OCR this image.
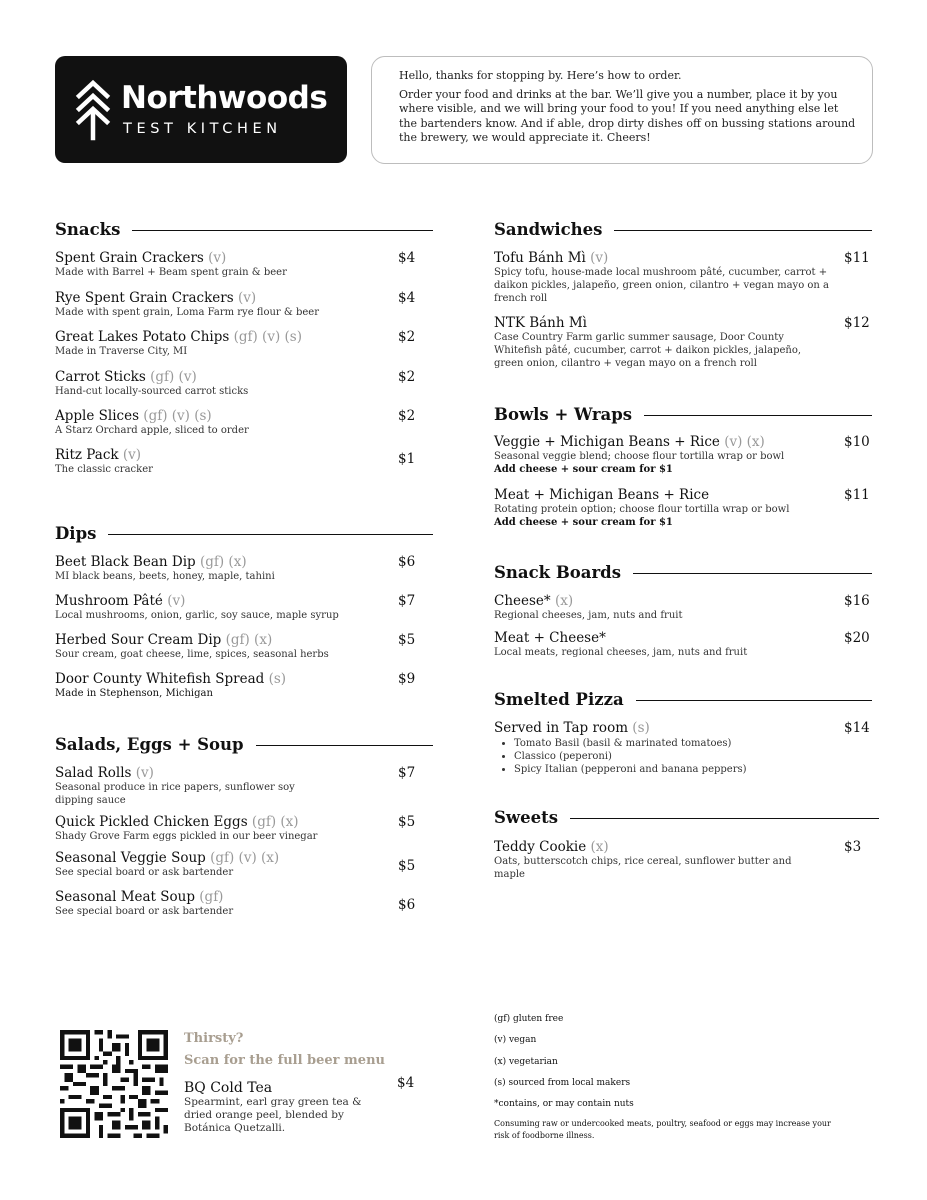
Northwoods
TEST KITCHEN
Hello, thanks for stopping by. Here’s how to order.
Order your food and drinks at the bar. We’ll give you a number, place it by you where visible, and we will bring your food to you! If you need anything else let the bartenders know. And if able, drop dirty dishes off on bussing stations around the brewery, we would appreciate it. Cheers!
Snacks
Spent Grain Crackers (v)	$4
Made with Barrel + Beam spent grain & beer
Rye Spent Grain Crackers (v)	$4
Made with spent grain, Loma Farm rye flour & beer
Great Lakes Potato Chips (gf) (v) (s)	$2
Made in Traverse City, MI
Carrot Sticks (gf) (v)	$2
Hand-cut locally-sourced carrot sticks
Apple Slices (gf) (v) (s)	$2
A Starz Orchard apple, sliced to order
Ritz Pack (v)	$1
The classic cracker
Dips
Beet Black Bean Dip (gf) (x)	$6
MI black beans, beets, honey, maple, tahini
Mushroom Pâté (v)	$7
Local mushrooms, onion, garlic, soy sauce, maple syrup
Herbed Sour Cream Dip (gf) (x)	$5
Sour cream, goat cheese, lime, spices, seasonal herbs
Door County Whitefish Spread (s)	$9
Made in Stephenson, Michigan
Salads, Eggs + Soup
Salad Rolls (v)	$7
Seasonal produce in rice papers, sunflower soy dipping sauce
Quick Pickled Chicken Eggs (gf) (x)	$5
Shady Grove Farm eggs pickled in our beer vinegar
Seasonal Veggie Soup (gf) (v) (x)	$5
See special board or ask bartender
Seasonal Meat Soup (gf)	$6
See special board or ask bartender
Sandwiches
Tofu Bánh Mì (v)	$11
Spicy tofu, house-made local mushroom pâté, cucumber, carrot + daikon pickles, jalapeño, green onion, cilantro + vegan mayo on a french roll
NTK Bánh Mì	$12
Case Country Farm garlic summer sausage, Door County Whitefish pâté, cucumber, carrot + daikon pickles, jalapeño, green onion, cilantro + vegan mayo on a french roll
Bowls + Wraps
Veggie + Michigan Beans + Rice (v) (x)	$10
Seasonal veggie blend; choose flour tortilla wrap or bowl
Add cheese + sour cream for $1
Meat + Michigan Beans + Rice	$11
Rotating protein option; choose flour tortilla wrap or bowl
Add cheese + sour cream for $1
Snack Boards
Cheese* (x)	$16
Regional cheeses, jam, nuts and fruit
Meat + Cheese*	$20
Local meats, regional cheeses, jam, nuts and fruit
Smelted Pizza
Served in Tap room (s)	$14
• Tomato Basil (basil & marinated tomatoes)
• Classico (peperoni)
• Spicy Italian (pepperoni and banana peppers)
Sweets
Teddy Cookie (x)	$3
Oats, butterscotch chips, rice cereal, sunflower butter and maple
Thirsty?
Scan for the full beer menu
BQ Cold Tea	$4
Spearmint, earl gray green tea & dried orange peel, blended by Botánica Quetzalli.
(gf) gluten free
(v) vegan
(x) vegetarian
(s) sourced from local makers
*contains, or may contain nuts
Consuming raw or undercooked meats, poultry, seafood or eggs may increase your risk of foodborne illness.
